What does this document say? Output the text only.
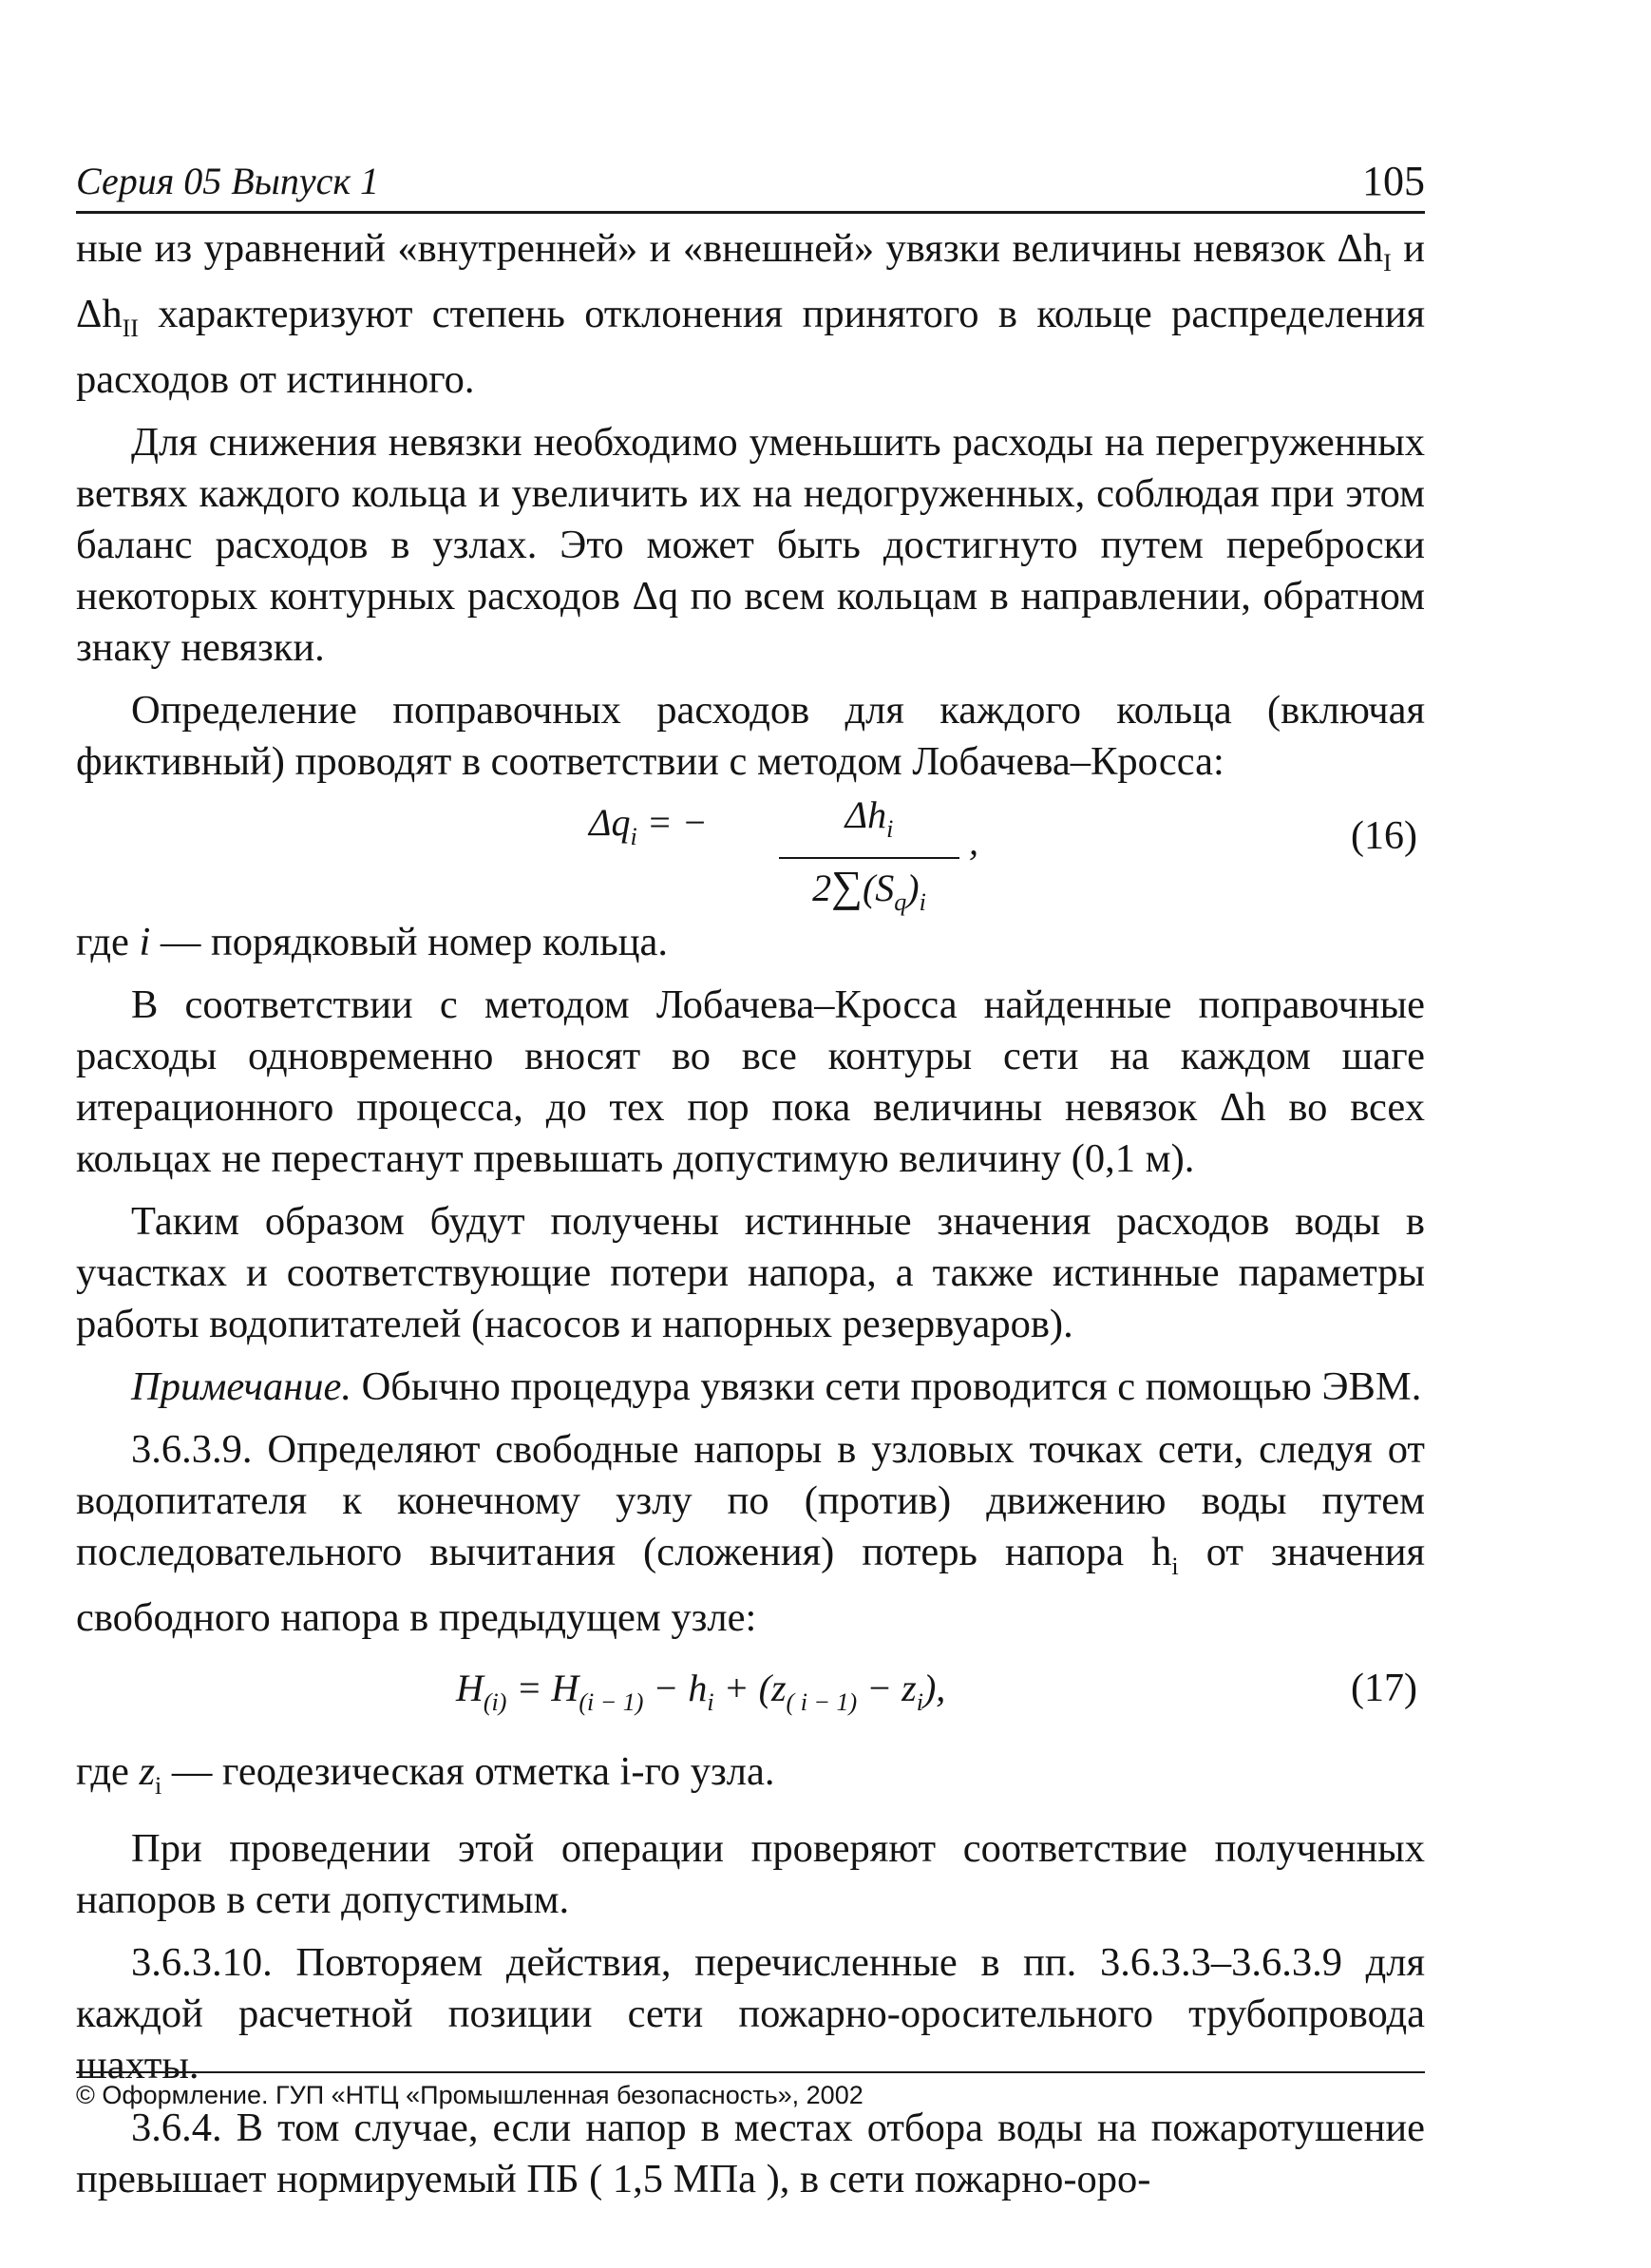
Серия 05 Выпуск 1	105

ные из уравнений «внутренней» и «внешней» увязки величины невязок $\Delta h_I$ и $\Delta h_{II}$ характеризуют степень отклонения принятого в кольце распределения расходов от истинного.

Для снижения невязки необходимо уменьшить расходы на перегруженных ветвях каждого кольца и увеличить их на недогруженных, соблюдая при этом баланс расходов в узлах. Это может быть достигнуто путем переброски некоторых контурных расходов Δq по всем кольцам в направлении, обратном знаку невязки.

Определение поправочных расходов для каждого кольца (включая фиктивный) проводят в соответствии с методом Лобачева–Кросса:

$\Delta q_i$ = −	$\Delta h_i$
$2\sum(S_q)_i$
,	(16)

где i — порядковый номер кольца.

В соответствии с методом Лобачева–Кросса найденные поправочные расходы одновременно вносят во все контуры сети на каждом шаге итерационного процесса, до тех пор пока величины невязок Δh во всех кольцах не перестанут превышать допустимую величину (0,1 м).

Таким образом будут получены истинные значения расходов воды в участках и соответствующие потери напора, а также истинные параметры работы водопитателей (насосов и напорных резервуаров).

Примечание. Обычно процедура увязки сети проводится с помощью ЭВМ.

3.6.3.9. Определяют свободные напоры в узловых точках сети, следуя от водопитателя к конечному узлу по (против) движению воды путем последовательного вычитания (сложения) потерь напора $h_i$ от значения свободного напора в предыдущем узле:

$H_{(i)} = H_{(i - 1)} - h_i + (z_{( i - 1)} - z_i)$,	(17)

где $z_i$ — геодезическая отметка i-го узла.

При проведении этой операции проверяют соответствие полученных напоров в сети допустимым.

3.6.3.10. Повторяем действия, перечисленные в пп. 3.6.3.3–3.6.3.9 для каждой расчетной позиции сети пожарно-оросительного трубопровода шахты.

3.6.4. В том случае, если напор в местах отбора воды на пожаротушение превышает нормируемый ПБ ( 1,5 МПа ), в сети пожарно-оро-

© Оформление. ГУП «НТЦ «Промышленная безопасность», 2002
